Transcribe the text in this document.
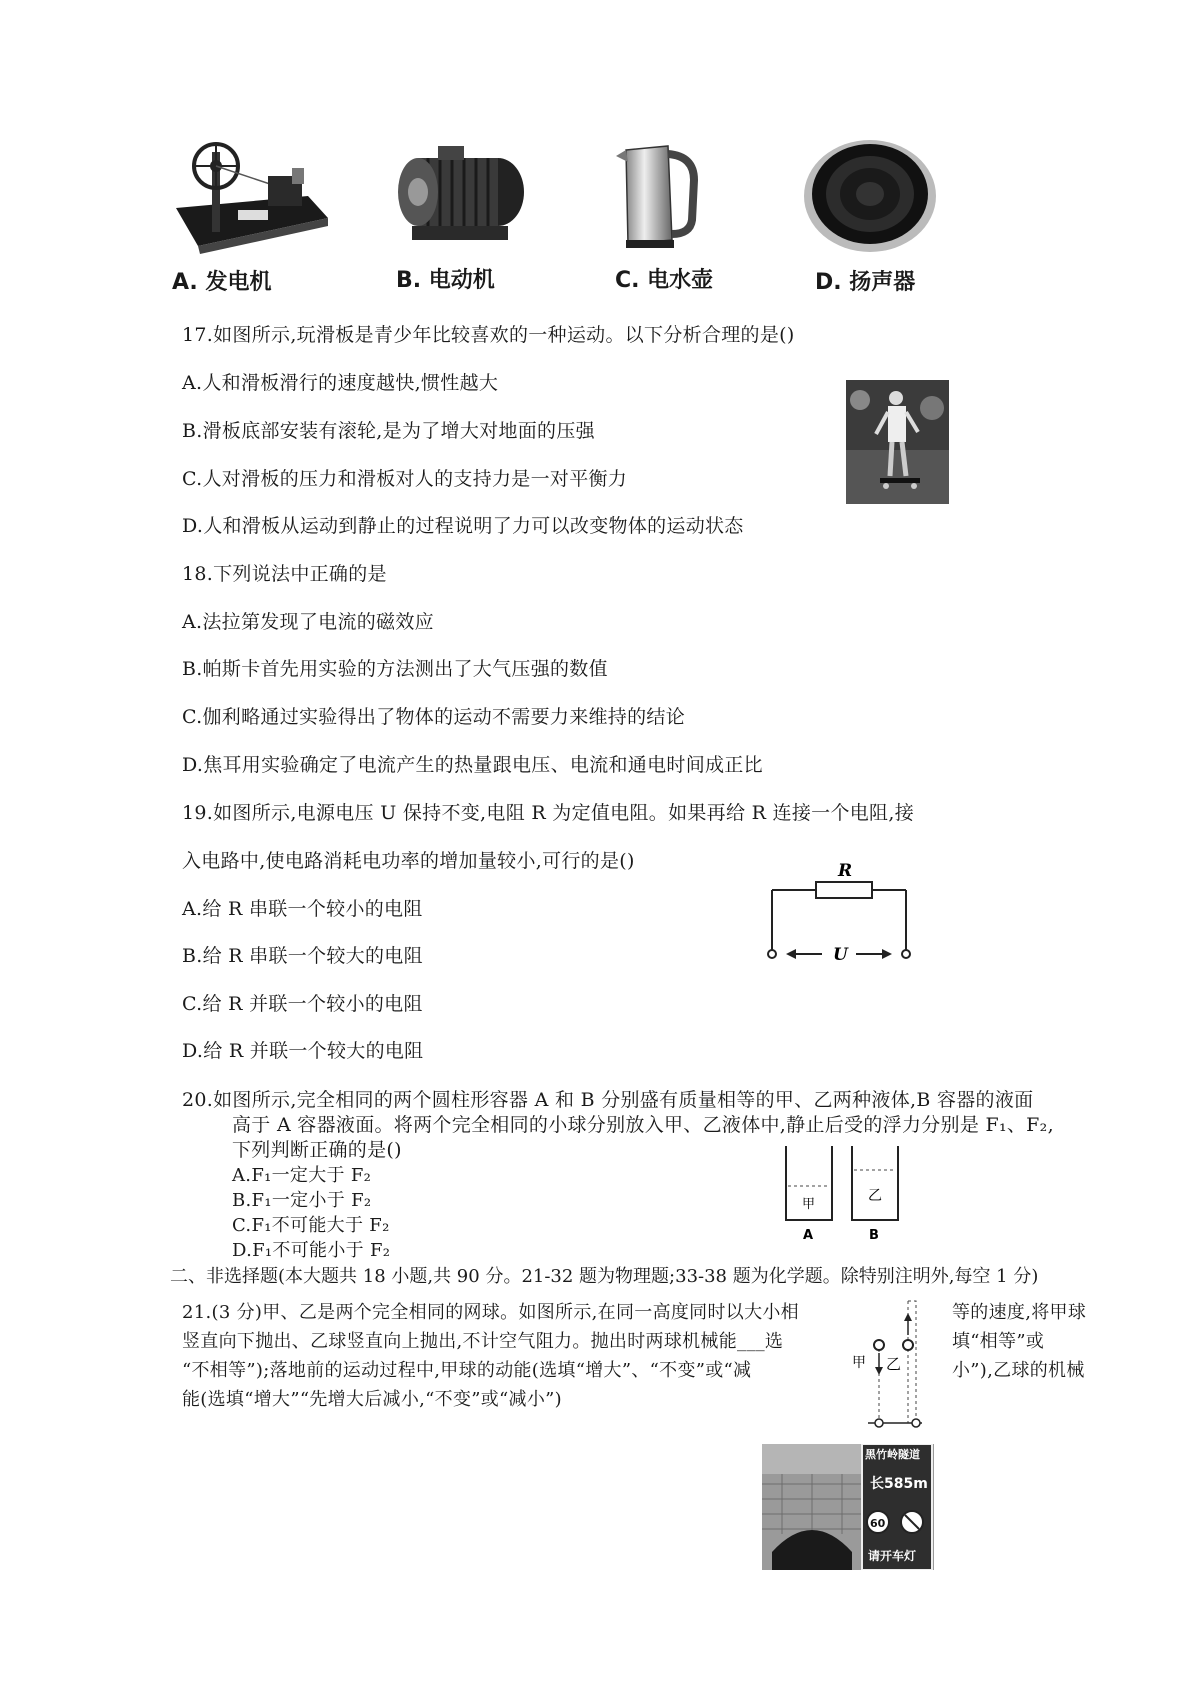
A. 发电机	B. 电动机	C. 电水壶	D. 扬声器
17.如图所示,玩滑板是青少年比较喜欢的一种运动。以下分析合理的是()
A.人和滑板滑行的速度越快,惯性越大
B.滑板底部安装有滚轮,是为了增大对地面的压强
C.人对滑板的压力和滑板对人的支持力是一对平衡力
D.人和滑板从运动到静止的过程说明了力可以改变物体的运动状态
18.下列说法中正确的是
A.法拉第发现了电流的磁效应
B.帕斯卡首先用实验的方法测出了大气压强的数值
C.伽利略通过实验得出了物体的运动不需要力来维持的结论
D.焦耳用实验确定了电流产生的热量跟电压、电流和通电时间成正比
19.如图所示,电源电压 U 保持不变,电阻 R 为定值电阻。如果再给 R 连接一个电阻,接
入电路中,使电路消耗电功率的增加量较小,可行的是()
A.给 R 串联一个较小的电阻
B.给 R 串联一个较大的电阻
C.给 R 并联一个较小的电阻
D.给 R 并联一个较大的电阻
R
U
20.如图所示,完全相同的两个圆柱形容器 A 和 B 分别盛有质量相等的甲、乙两种液体,B 容器的液面
高于 A 容器液面。将两个完全相同的小球分别放入甲、乙液体中,静止后受的浮力分别是 F₁、F₂,
下列判断正确的是()
A.F₁一定大于 F₂
B.F₁一定小于 F₂
C.F₁不可能大于 F₂
D.F₁不可能小于 F₂
甲
乙
A	B
二、非选择题(本大题共 18 小题,共 90 分。21-32 题为物理题;33-38 题为化学题。除特别注明外,每空 1 分)
21.(3 分)甲、乙是两个完全相同的网球。如图所示,在同一高度同时以大小相	等的速度,将甲球
竖直向下抛出、乙球竖直向上抛出,不计空气阻力。抛出时两球机械能___选	填“相等”或
“不相等”);落地前的运动过程中,甲球的动能(选填“增大”、“不变”或“减	小”),乙球的机械
能(选填“增大”“先增大后减小,“不变”或“减小”)
甲 乙
黑竹岭隧道
长585m
60
请开车灯
